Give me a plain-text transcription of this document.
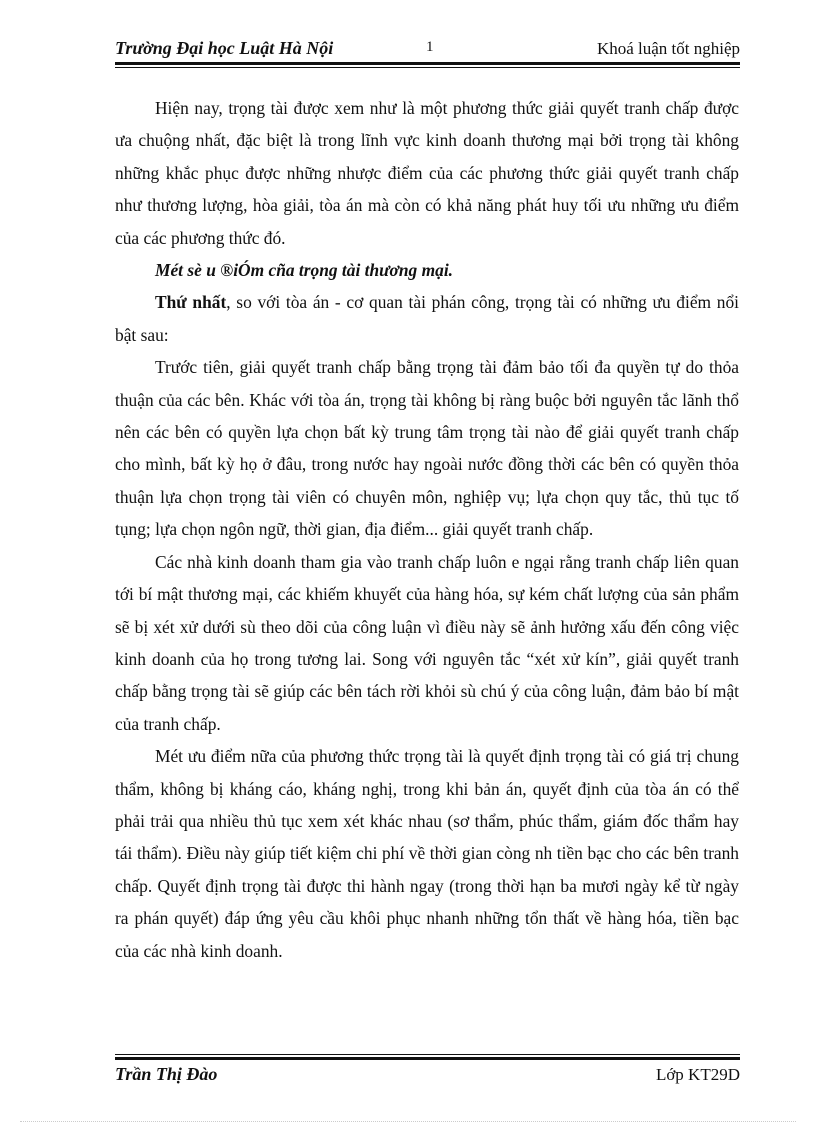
Trường Đại học Luật Hà Nội	1	Khoá luận tốt nghiệp

Hiện nay, trọng tài được xem như là một phương thức giải quyết tranh chấp được ưa chuộng nhất, đặc biệt là trong lĩnh vực kinh doanh thương mại bởi trọng tài không những khắc phục được những nhược điểm của các phương thức giải quyết tranh chấp như thương lượng, hòa giải, tòa án mà còn có khả năng phát huy tối ưu những ưu điểm của các phương thức đó.

Mét sè u ®iÓm cña trọng tài thương mại.

Thứ nhất, so với tòa án - cơ quan tài phán công, trọng tài có những ưu điểm nổi bật sau:

Trước tiên, giải quyết tranh chấp bằng trọng tài đảm bảo tối đa quyền tự do thỏa thuận của các bên. Khác với tòa án, trọng tài không bị ràng buộc bởi nguyên tắc lãnh thổ nên các bên có quyền lựa chọn bất kỳ trung tâm trọng tài nào để giải quyết tranh chấp cho mình, bất kỳ họ ở đâu, trong nước hay ngoài nước đồng thời các bên có quyền thỏa thuận lựa chọn trọng tài viên có chuyên môn, nghiệp vụ; lựa chọn quy tắc, thủ tục tố tụng; lựa chọn ngôn ngữ, thời gian, địa điểm... giải quyết tranh chấp.

Các nhà kinh doanh tham gia vào tranh chấp luôn e ngại rằng tranh chấp liên quan tới bí mật thương mại, các khiếm khuyết của hàng hóa, sự kém chất lượng của sản phẩm sẽ bị xét xử dưới sù theo dõi của công luận vì điều này sẽ ảnh hưởng xấu đến công việc kinh doanh của họ trong tương lai. Song với nguyên tắc “xét xử kín”, giải quyết tranh chấp bằng trọng tài sẽ giúp các bên tách rời khỏi sù chú ý của công luận, đảm bảo bí mật của tranh chấp.

Mét ưu điểm nữa của phương thức trọng tài là quyết định trọng tài có giá trị chung thẩm, không bị kháng cáo, kháng nghị, trong khi bản án, quyết định của tòa án có thể phải trải qua nhiều thủ tục xem xét khác nhau (sơ thẩm, phúc thẩm, giám đốc thẩm hay tái thẩm). Điều này giúp tiết kiệm chi phí về thời gian còng nh tiền bạc cho các bên tranh chấp. Quyết định trọng tài được thi hành ngay (trong thời hạn ba mươi ngày kể từ ngày ra phán quyết) đáp ứng yêu cầu khôi phục nhanh những tổn thất về hàng hóa, tiền bạc của các nhà kinh doanh.

Trần Thị Đào	Lớp KT29D
